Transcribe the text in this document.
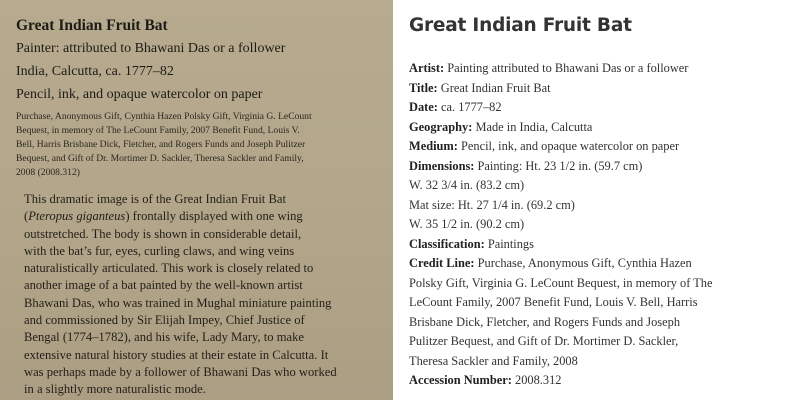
Great Indian Fruit Bat
Painter: attributed to Bhawani Das or a follower
India, Calcutta, ca. 1777–82
Pencil, ink, and opaque watercolor on paper
Purchase, Anonymous Gift, Cynthia Hazen Polsky Gift, Virginia G. LeCount
Bequest, in memory of The LeCount Family, 2007 Benefit Fund, Louis V.
Bell, Harris Brisbane Dick, Fletcher, and Rogers Funds and Joseph Pulitzer
Bequest, and Gift of Dr. Mortimer D. Sackler, Theresa Sackler and Family,
2008 (2008.312)
This dramatic image is of the Great Indian Fruit Bat
(Pteropus giganteus) frontally displayed with one wing
outstretched. The body is shown in considerable detail,
with the bat’s fur, eyes, curling claws, and wing veins
naturalistically articulated. This work is closely related to
another image of a bat painted by the well-known artist
Bhawani Das, who was trained in Mughal miniature painting
and commissioned by Sir Elijah Impey, Chief Justice of
Bengal (1774–1782), and his wife, Lady Mary, to make
extensive natural history studies at their estate in Calcutta. It
was perhaps made by a follower of Bhawani Das who worked
in a slightly more naturalistic mode.
Great Indian Fruit Bat
Artist: Painting attributed to Bhawani Das or a follower
Title: Great Indian Fruit Bat
Date: ca. 1777–82
Geography: Made in India, Calcutta
Medium: Pencil, ink, and opaque watercolor on paper
Dimensions: Painting: Ht. 23 1/2 in. (59.7 cm)
W. 32 3/4 in. (83.2 cm)
Mat size: Ht. 27 1/4 in. (69.2 cm)
W. 35 1/2 in. (90.2 cm)
Classification: Paintings
Credit Line: Purchase, Anonymous Gift, Cynthia Hazen
Polsky Gift, Virginia G. LeCount Bequest, in memory of The
LeCount Family, 2007 Benefit Fund, Louis V. Bell, Harris
Brisbane Dick, Fletcher, and Rogers Funds and Joseph
Pulitzer Bequest, and Gift of Dr. Mortimer D. Sackler,
Theresa Sackler and Family, 2008
Accession Number: 2008.312
